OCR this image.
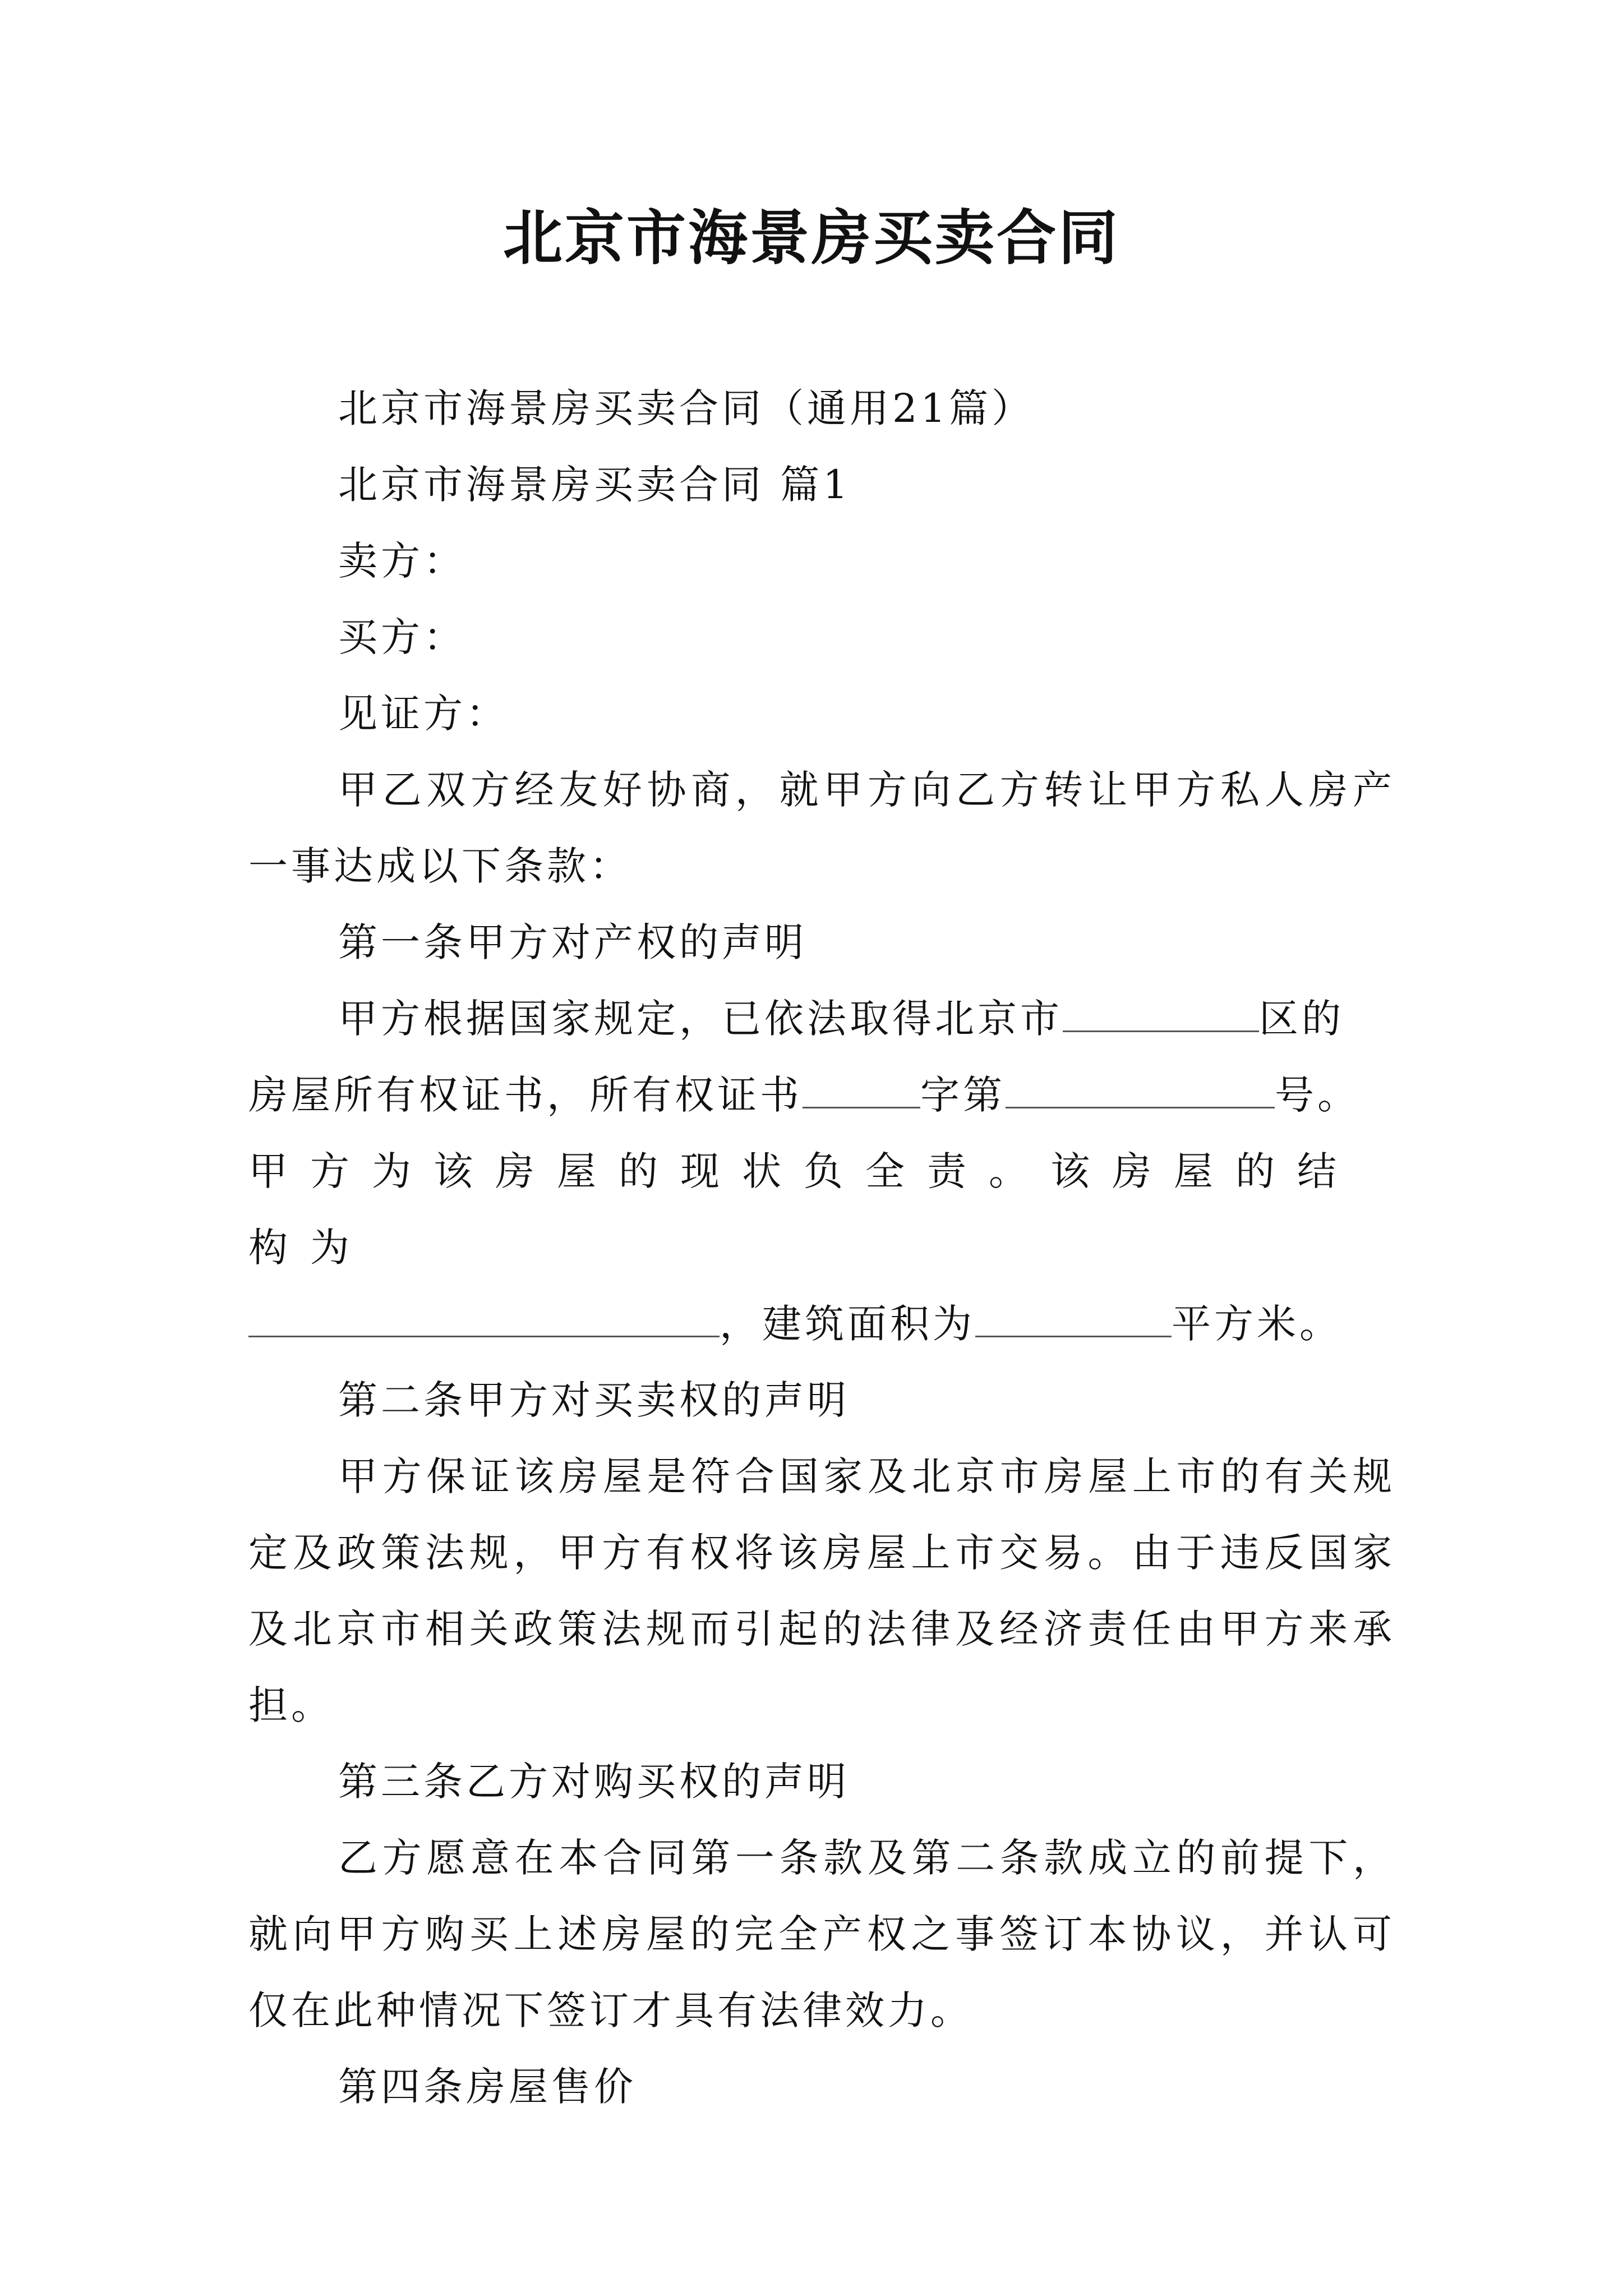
北京市海景房买卖合同

北京市海景房买卖合同（通用21篇）

北京市海景房买卖合同 篇1

卖方：

买方：

见证方：

甲乙双方经友好协商，就甲方向乙方转让甲方私人房产一事达成以下条款：

第一条甲方对产权的声明

甲方根据国家规定，已依法取得北京市	区的
房屋所有权证书，所有权证书	字第	号。
甲方为该房屋的现状负全责。该房屋的结构为
，建筑面积为	平方米。

第二条甲方对买卖权的声明

甲方保证该房屋是符合国家及北京市房屋上市的有关规定及政策法规，甲方有权将该房屋上市交易。由于违反国家及北京市相关政策法规而引起的法律及经济责任由甲方来承担。

第三条乙方对购买权的声明

乙方愿意在本合同第一条款及第二条款成立的前提下，就向甲方购买上述房屋的完全产权之事签订本协议，并认可仅在此种情况下签订才具有法律效力。

第四条房屋售价
